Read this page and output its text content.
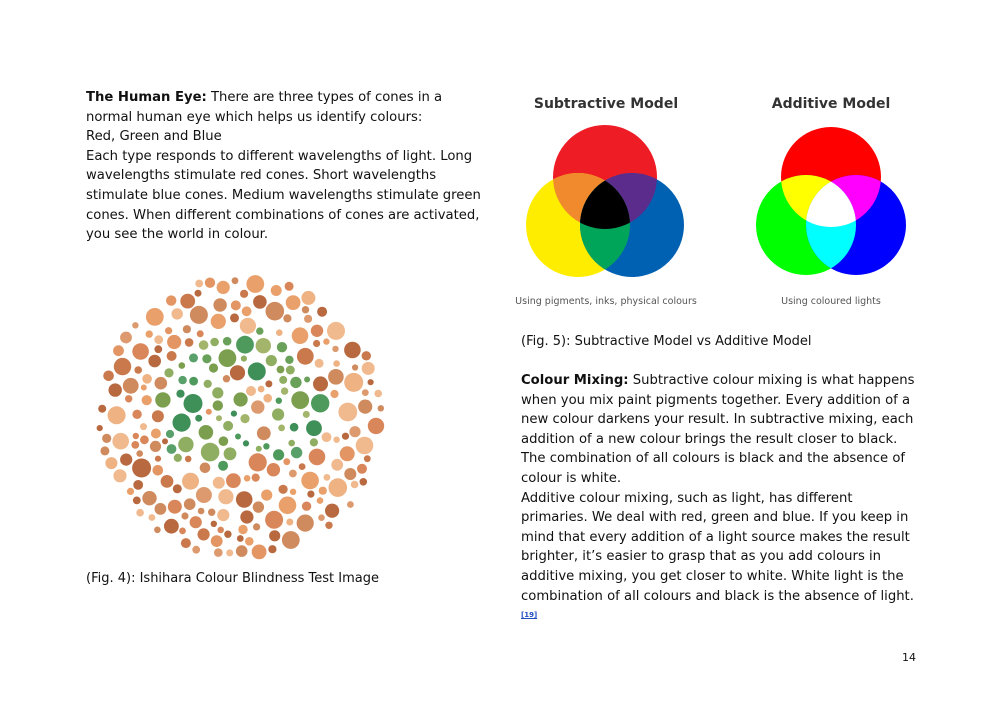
The Human Eye: There are three types of cones in a normal human eye which helps us identify colours:
Red, Green and Blue
Each type responds to different wavelengths of light. Long wavelengths stimulate red cones. Short wavelengths stimulate blue cones. Medium wavelengths stimulate green cones. When different combinations of cones are activated, you see the world in colour.
(Fig. 4): Ishihara Colour Blindness Test Image
Subtractive Model	Additive Model
Using pigments, inks, physical colours	Using coloured lights
(Fig. 5): Subtractive Model vs Additive Model
Colour Mixing: Subtractive colour mixing is what happens when you mix paint pigments together. Every addition of a new colour darkens your result. In subtractive mixing, each addition of a new colour brings the result closer to black. The combination of all colours is black and the absence of colour is white.
Additive colour mixing, such as light, has different primaries. We deal with red, green and blue. If you keep in mind that every addition of a light source makes the result brighter, it’s easier to grasp that as you add colours in additive mixing, you get closer to white. White light is the combination of all colours and black is the absence of light.[19]
14
